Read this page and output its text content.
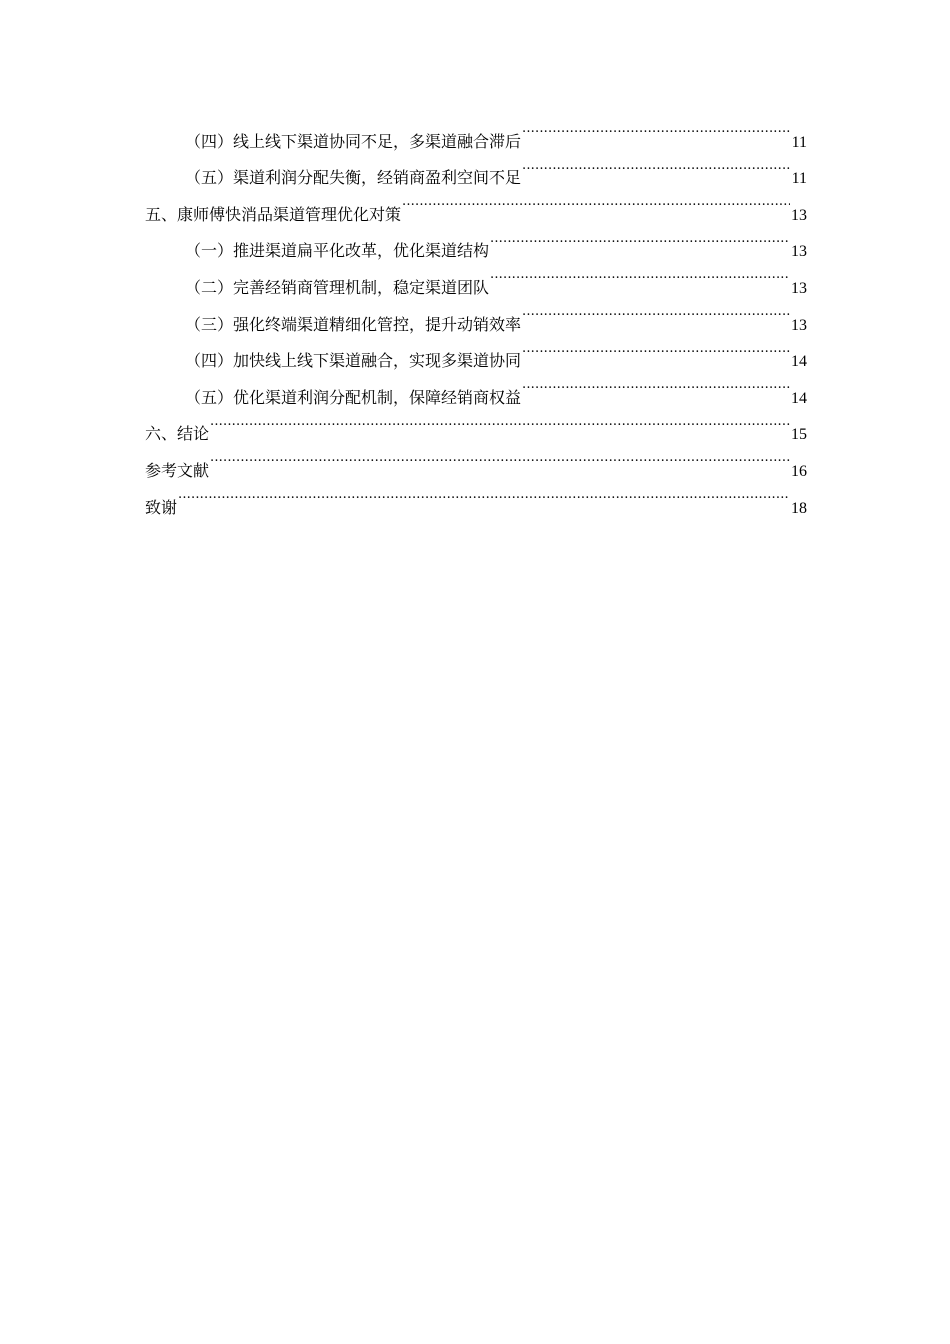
（四）线上线下渠道协同不足，多渠道融合滞后 .....	11
（五）渠道利润分配失衡，经销商盈利空间不足 .....	11
五、康师傅快消品渠道管理优化对策 .....	13
（一）推进渠道扁平化改革，优化渠道结构 .....	13
（二）完善经销商管理机制，稳定渠道团队 .....	13
（三）强化终端渠道精细化管控，提升动销效率 .....	13
（四）加快线上线下渠道融合，实现多渠道协同 .....	14
（五）优化渠道利润分配机制，保障经销商权益 .....	14
六、结论 .....	15
参考文献 .....	16
致谢 .....	18
